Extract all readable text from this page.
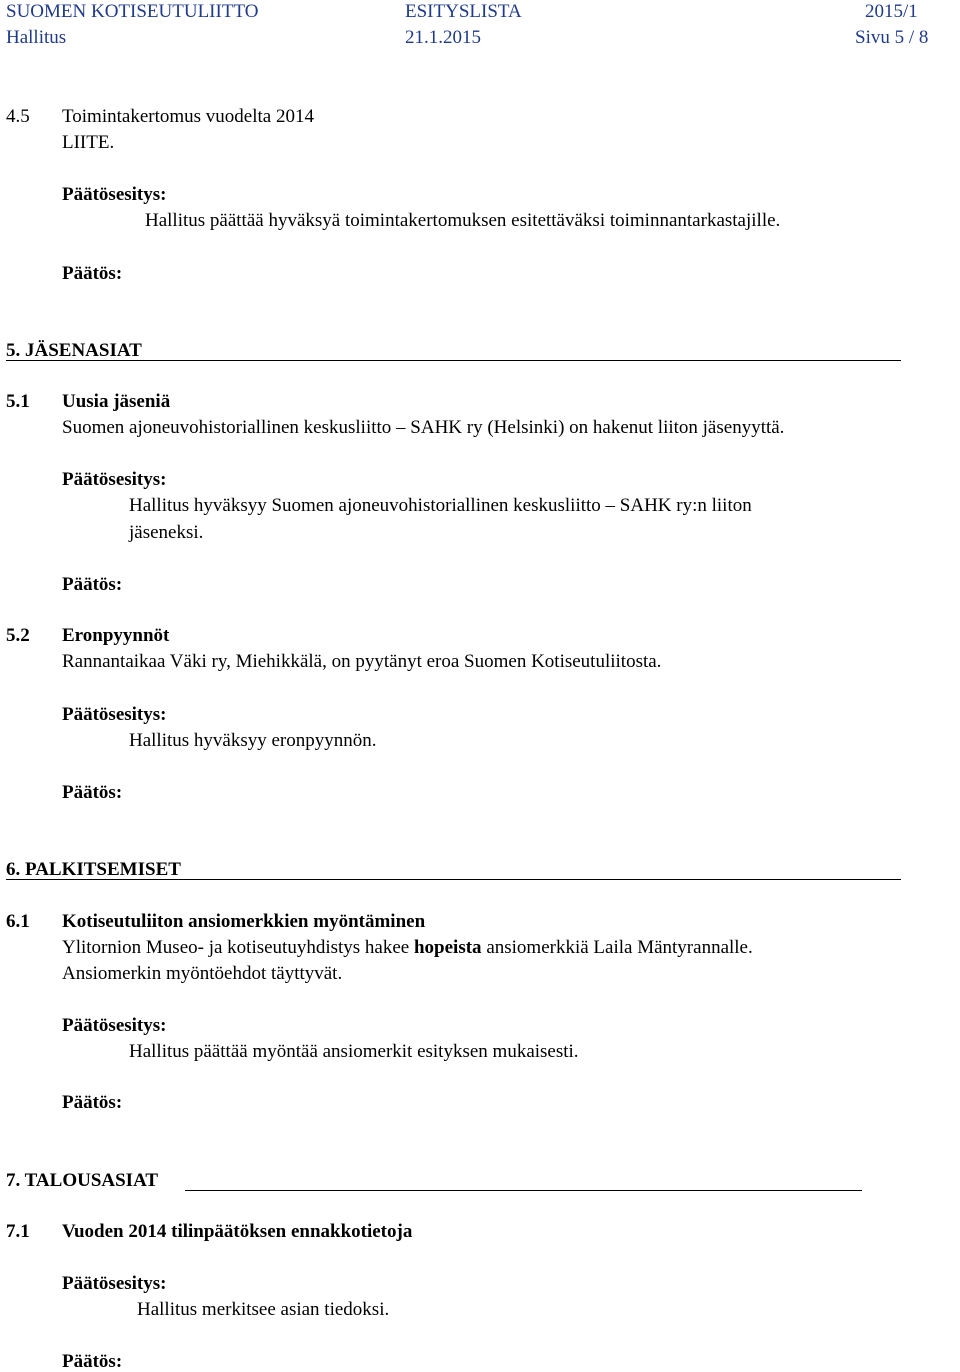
SUOMEN KOTISEUTULIITTO	ESITYSLISTA	2015/1
Hallitus	21.1.2015	Sivu 5 / 8
4.5 Toimintakertomus vuodelta 2014
LIITE.
Päätösesitys:
Hallitus päättää hyväksyä toimintakertomuksen esitettäväksi toiminnantarkastajille.
Päätös:
5. JÄSENASIAT
5.1 Uusia jäseniä
Suomen ajoneuvohistoriallinen keskusliitto – SAHK ry (Helsinki) on hakenut liiton jäsenyyttä.
Päätösesitys:
Hallitus hyväksyy Suomen ajoneuvohistoriallinen keskusliitto – SAHK ry:n liiton
jäseneksi.
Päätös:
5.2 Eronpyynnöt
Rannantaikaa Väki ry, Miehikkälä, on pyytänyt eroa Suomen Kotiseutuliitosta.
Päätösesitys:
Hallitus hyväksyy eronpyynnön.
Päätös:
6. PALKITSEMISET
6.1 Kotiseutuliiton ansiomerkkien myöntäminen
Ylitornion Museo- ja kotiseutuyhdistys hakee hopeista ansiomerkkiä Laila Mäntyrannalle.
Ansiomerkin myöntöehdot täyttyvät.
Päätösesitys:
Hallitus päättää myöntää ansiomerkit esityksen mukaisesti.
Päätös:
7. TALOUSASIAT
7.1 Vuoden 2014 tilinpäätöksen ennakkotietoja
Päätösesitys:
Hallitus merkitsee asian tiedoksi.
Päätös:
